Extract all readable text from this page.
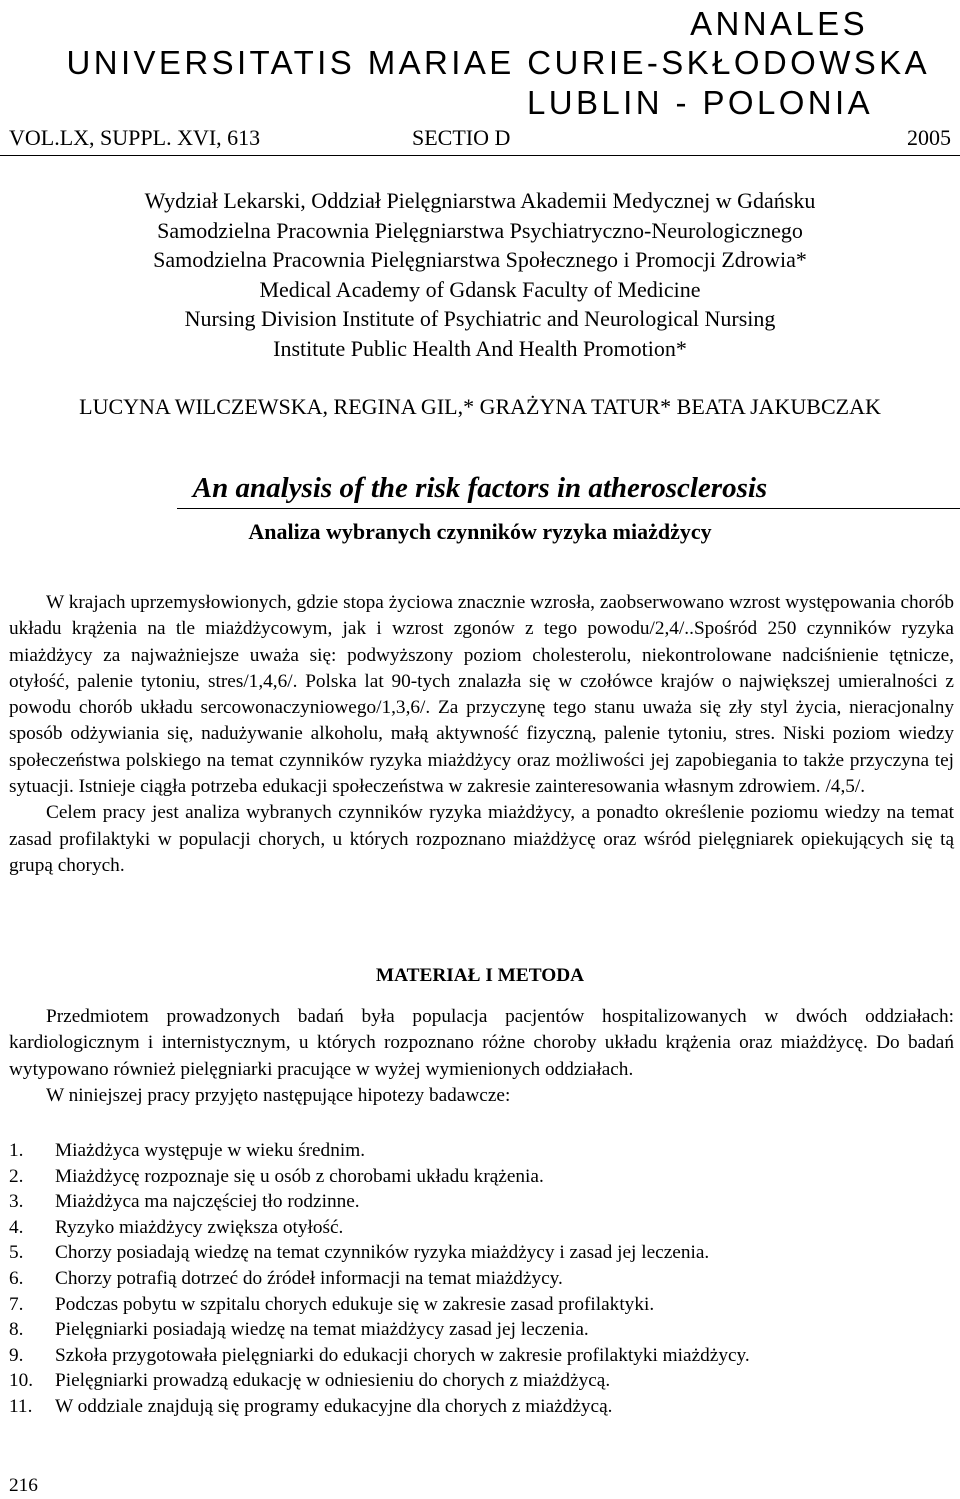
ANNALES
UNIVERSITATIS MARIAE CURIE-SKŁODOWSKA
LUBLIN - POLONIA
VOL.LX, SUPPL. XVI, 613	SECTIO D	2005
Wydział Lekarski, Oddział Pielęgniarstwa Akademii Medycznej w Gdańsku
Samodzielna Pracownia Pielęgniarstwa Psychiatryczno-Neurologicznego
Samodzielna Pracownia Pielęgniarstwa Społecznego i Promocji Zdrowia*
Medical Academy of Gdansk Faculty of Medicine
Nursing Division Institute of Psychiatric and Neurological Nursing
Institute Public Health And Health Promotion*
LUCYNA WILCZEWSKA, REGINA GIL,* GRAŻYNA TATUR* BEATA JAKUBCZAK
An analysis of the risk factors in atherosclerosis
Analiza wybranych czynników ryzyka miażdżycy

W krajach uprzemysłowionych, gdzie stopa życiowa znacznie wzrosła, zaobserwowano wzrost występowania chorób układu krążenia na tle miażdżycowym, jak i wzrost zgonów z tego powodu/2,4/..Spośród 250 czynników ryzyka miażdżycy za najważniejsze uważa się: podwyższony poziom cholesterolu, niekontrolowane nadciśnienie tętnicze, otyłość, palenie tytoniu, stres/1,4,6/. Polska lat 90-tych znalazła się w czołówce krajów o największej umieralności z powodu chorób układu sercowonaczyniowego/1,3,6/. Za przyczynę tego stanu uważa się zły styl życia, nieracjonalny sposób odżywiania się, nadużywanie alkoholu, małą aktywność fizyczną, palenie tytoniu, stres. Niski poziom wiedzy społeczeństwa polskiego na temat czynników ryzyka miażdżycy oraz możliwości jej zapobiegania to także przyczyna tej sytuacji. Istnieje ciągła potrzeba edukacji społeczeństwa w zakresie zainteresowania własnym zdrowiem. /4,5/.

Celem pracy jest analiza wybranych czynników ryzyka miażdżycy, a ponadto określenie poziomu wiedzy na temat zasad profilaktyki w populacji chorych, u których rozpoznano miażdżycę oraz wśród pielęgniarek opiekujących się tą grupą chorych.

MATERIAŁ I METODA

Przedmiotem prowadzonych badań była populacja pacjentów hospitalizowanych w dwóch oddziałach: kardiologicznym i internistycznym, u których rozpoznano różne choroby układu krążenia oraz miażdżycę. Do badań wytypowano również pielęgniarki pracujące w wyżej wymienionych oddziałach.

W niniejszej pracy przyjęto następujące hipotezy badawcze:

1. Miażdżyca występuje w wieku średnim.
2. Miażdżycę rozpoznaje się u osób z chorobami układu krążenia.
3. Miażdżyca ma najczęściej tło rodzinne.
4. Ryzyko miażdżycy zwiększa otyłość.
5. Chorzy posiadają wiedzę na temat czynników ryzyka miażdżycy i zasad jej leczenia.
6. Chorzy potrafią dotrzeć do źródeł informacji na temat miażdżycy.
7. Podczas pobytu w szpitalu chorych edukuje się w zakresie zasad profilaktyki.
8. Pielęgniarki posiadają wiedzę na temat miażdżycy zasad jej leczenia.
9. Szkoła przygotowała pielęgniarki do edukacji chorych w zakresie profilaktyki miażdżycy.
10. Pielęgniarki prowadzą edukację w odniesieniu do chorych z miażdżycą.
11. W oddziale znajdują się programy edukacyjne dla chorych z miażdżycą.
216
